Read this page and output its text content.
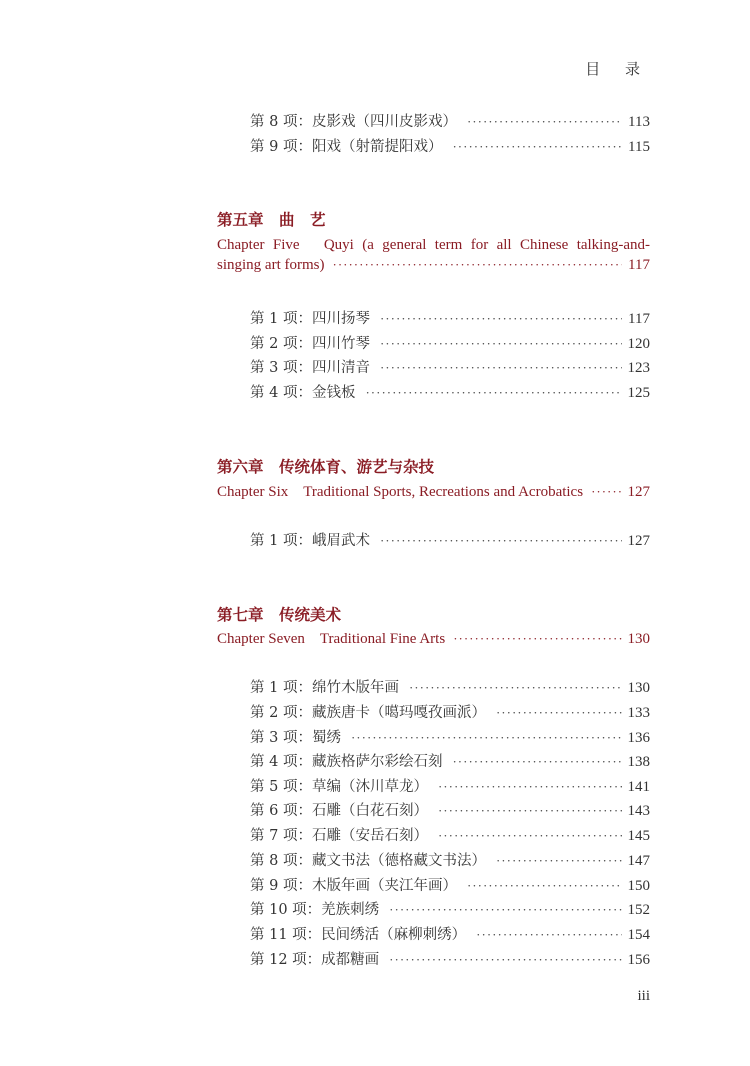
目 录
第 8 项：皮影戏（四川皮影戏） ·····	113
第 9 项：阳戏（射箭提阳戏） ·····	115
第五章　曲　艺
Chapter Five　Quyi (a general term for all Chinese talking-and-
singing art forms) ·····	117
第 1 项：四川扬琴 ·····	117
第 2 项：四川竹琴 ·····	120
第 3 项：四川清音 ·····	123
第 4 项：金钱板 ·····	125
第六章　传统体育、游艺与杂技
Chapter Six　Traditional Sports, Recreations and Acrobatics ·····	127
第 1 项：峨眉武术 ·····	127
第七章　传统美术
Chapter Seven　Traditional Fine Arts ·····	130
第 1 项：绵竹木版年画 ·····	130
第 2 项：藏族唐卡（噶玛嘎孜画派） ·····	133
第 3 项：蜀绣 ·····	136
第 4 项：藏族格萨尔彩绘石刻 ·····	138
第 5 项：草编（沐川草龙） ·····	141
第 6 项：石雕（白花石刻） ·····	143
第 7 项：石雕（安岳石刻） ·····	145
第 8 项：藏文书法（德格藏文书法） ·····	147
第 9 项：木版年画（夹江年画） ·····	150
第 10 项：羌族刺绣 ·····	152
第 11 项：民间绣活（麻柳刺绣） ·····	154
第 12 项：成都糖画 ·····	156
iii
